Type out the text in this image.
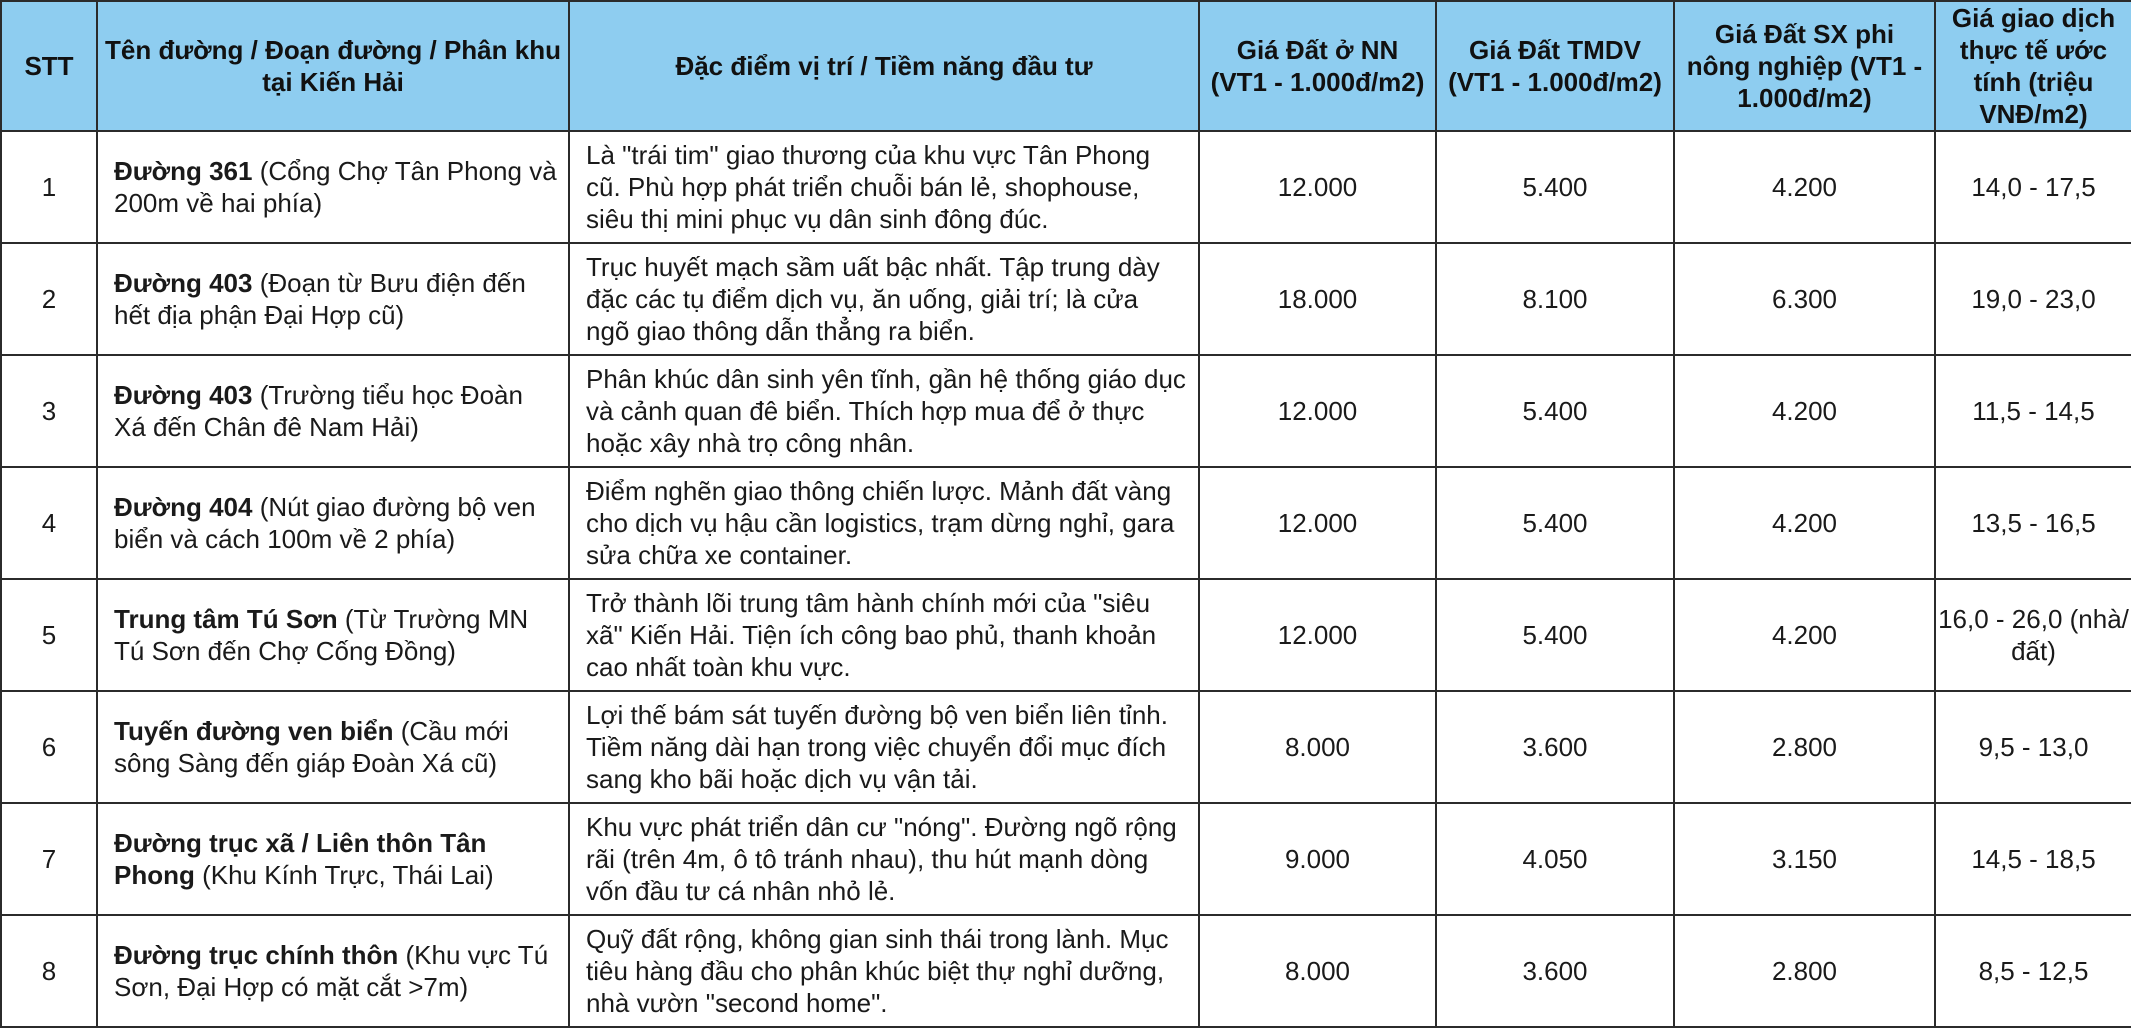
STT	Tên đường / Đoạn đường / Phân khu tại Kiến Hải	Đặc điểm vị trí / Tiềm năng đầu tư	Giá Đất ở NN (VT1 - 1.000đ/m2)	Giá Đất TMDV (VT1 - 1.000đ/m2)	Giá Đất SX phi nông nghiệp (VT1 - 1.000đ/m2)	Giá giao dịch thực tế ước tính (triệu VNĐ/m2)
1	Đường 361 (Cổng Chợ Tân Phong và 200m về hai phía)	Là "trái tim" giao thương của khu vực Tân Phong cũ. Phù hợp phát triển chuỗi bán lẻ, shophouse, siêu thị mini phục vụ dân sinh đông đúc.	12.000	5.400	4.200	14,0 - 17,5
2	Đường 403 (Đoạn từ Bưu điện đến hết địa phận Đại Hợp cũ)	Trục huyết mạch sầm uất bậc nhất. Tập trung dày đặc các tụ điểm dịch vụ, ăn uống, giải trí; là cửa ngõ giao thông dẫn thẳng ra biển.	18.000	8.100	6.300	19,0 - 23,0
3	Đường 403 (Trường tiểu học Đoàn Xá đến Chân đê Nam Hải)	Phân khúc dân sinh yên tĩnh, gần hệ thống giáo dục và cảnh quan đê biển. Thích hợp mua để ở thực hoặc xây nhà trọ công nhân.	12.000	5.400	4.200	11,5 - 14,5
4	Đường 404 (Nút giao đường bộ ven biển và cách 100m về 2 phía)	Điểm nghẽn giao thông chiến lược. Mảnh đất vàng cho dịch vụ hậu cần logistics, trạm dừng nghỉ, gara sửa chữa xe container.	12.000	5.400	4.200	13,5 - 16,5
5	Trung tâm Tú Sơn (Từ Trường MN Tú Sơn đến Chợ Cống Đồng)	Trở thành lõi trung tâm hành chính mới của "siêu xã" Kiến Hải. Tiện ích công bao phủ, thanh khoản cao nhất toàn khu vực.	12.000	5.400	4.200	16,0 - 26,0 (nhà/đất)
6	Tuyến đường ven biển (Cầu mới sông Sàng đến giáp Đoàn Xá cũ)	Lợi thế bám sát tuyến đường bộ ven biển liên tỉnh. Tiềm năng dài hạn trong việc chuyển đổi mục đích sang kho bãi hoặc dịch vụ vận tải.	8.000	3.600	2.800	9,5 - 13,0
7	Đường trục xã / Liên thôn Tân Phong (Khu Kính Trực, Thái Lai)	Khu vực phát triển dân cư "nóng". Đường ngõ rộng rãi (trên 4m, ô tô tránh nhau), thu hút mạnh dòng vốn đầu tư cá nhân nhỏ lẻ.	9.000	4.050	3.150	14,5 - 18,5
8	Đường trục chính thôn (Khu vực Tú Sơn, Đại Hợp có mặt cắt >7m)	Quỹ đất rộng, không gian sinh thái trong lành. Mục tiêu hàng đầu cho phân khúc biệt thự nghỉ dưỡng, nhà vườn "second home".	8.000	3.600	2.800	8,5 - 12,5
